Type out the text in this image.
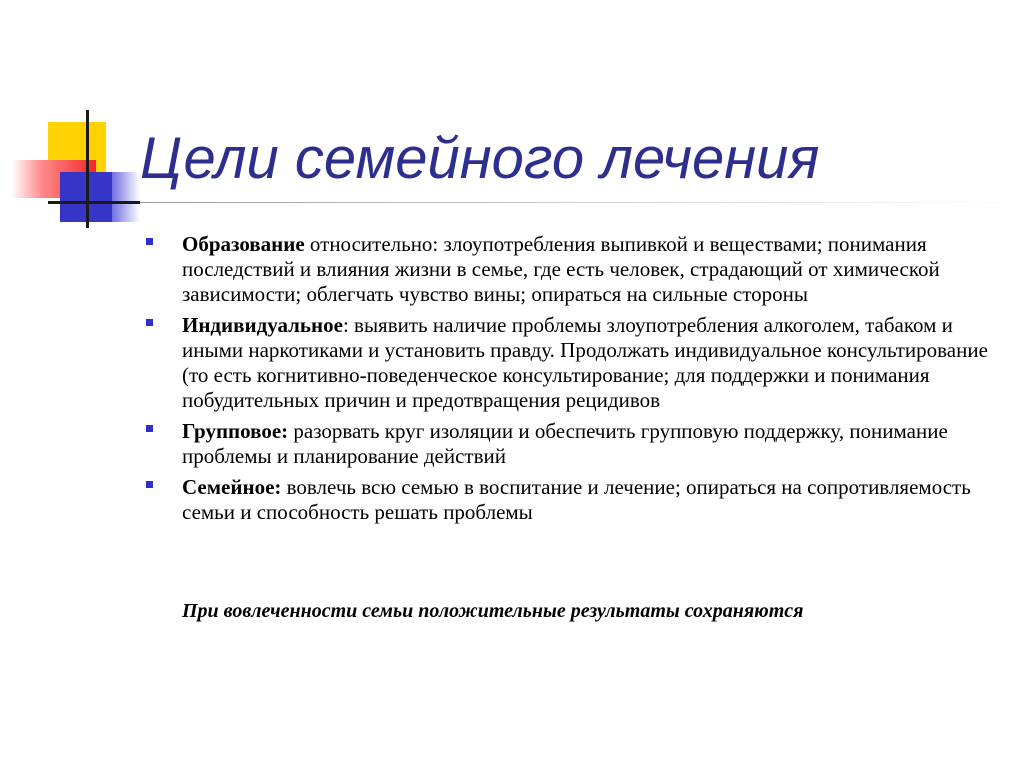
Цели семейного лечения
Образование относительно: злоупотребления выпивкой и веществами; понимания последствий и влияния жизни в семье, где есть человек, страдающий от химической зависимости; облегчать чувство вины; опираться на сильные стороны
Индивидуальное: выявить наличие проблемы злоупотребления алкоголем, табаком и иными наркотиками и установить правду. Продолжать индивидуальное консультирование (то есть когнитивно-поведенческое консультирование; для поддержки и понимания побудительных причин и предотвращения рецидивов
Групповое: разорвать круг изоляции и обеспечить групповую поддержку, понимание проблемы и планирование действий
Семейное: вовлечь всю семью в воспитание и лечение; опираться на сопротивляемость семьи и способность решать проблемы

При вовлеченности семьи положительные результаты сохраняются
